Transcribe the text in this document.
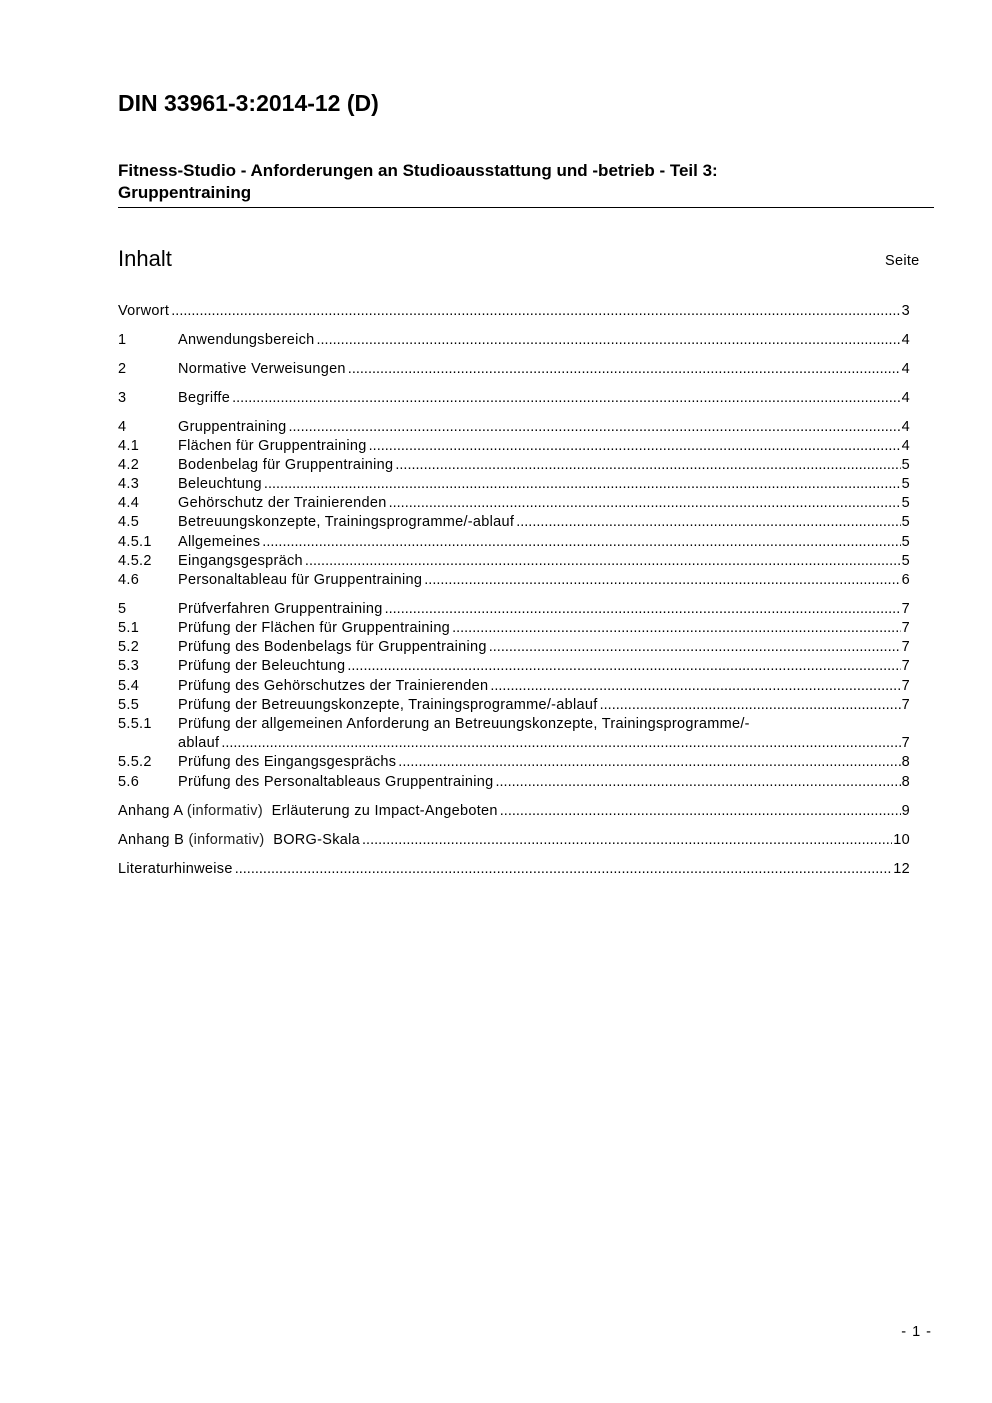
DIN 33961-3:2014-12 (D)
Fitness-Studio - Anforderungen an Studioausstattung und -betrieb - Teil 3:
Gruppentraining
Inhalt	Seite
Vorwort .....	3
1	Anwendungsbereich .....	4
2	Normative Verweisungen .....	4
3	Begriffe .....	4
4	Gruppentraining .....	4
4.1	Flächen für Gruppentraining .....	4
4.2	Bodenbelag für Gruppentraining .....	5
4.3	Beleuchtung .....	5
4.4	Gehörschutz der Trainierenden .....	5
4.5	Betreuungskonzepte, Trainingsprogramme/-ablauf .....	5
4.5.1	Allgemeines .....	5
4.5.2	Eingangsgespräch .....	5
4.6	Personaltableau für Gruppentraining .....	6
5	Prüfverfahren Gruppentraining .....	7
5.1	Prüfung der Flächen für Gruppentraining .....	7
5.2	Prüfung des Bodenbelags für Gruppentraining .....	7
5.3	Prüfung der Beleuchtung .....	7
5.4	Prüfung des Gehörschutzes der Trainierenden .....	7
5.5	Prüfung der Betreuungskonzepte, Trainingsprogramme/-ablauf .....	7
5.5.1	Prüfung der allgemeinen Anforderung an Betreuungskonzepte, Trainingsprogramme/-
ablauf .....	7
5.5.2	Prüfung des Eingangsgesprächs .....	8
5.6	Prüfung des Personaltableaus Gruppentraining .....	8
Anhang A (informativ) Erläuterung zu Impact-Angeboten .....	9
Anhang B (informativ) BORG-Skala .....	10
Literaturhinweise .....	12
- 1 -
